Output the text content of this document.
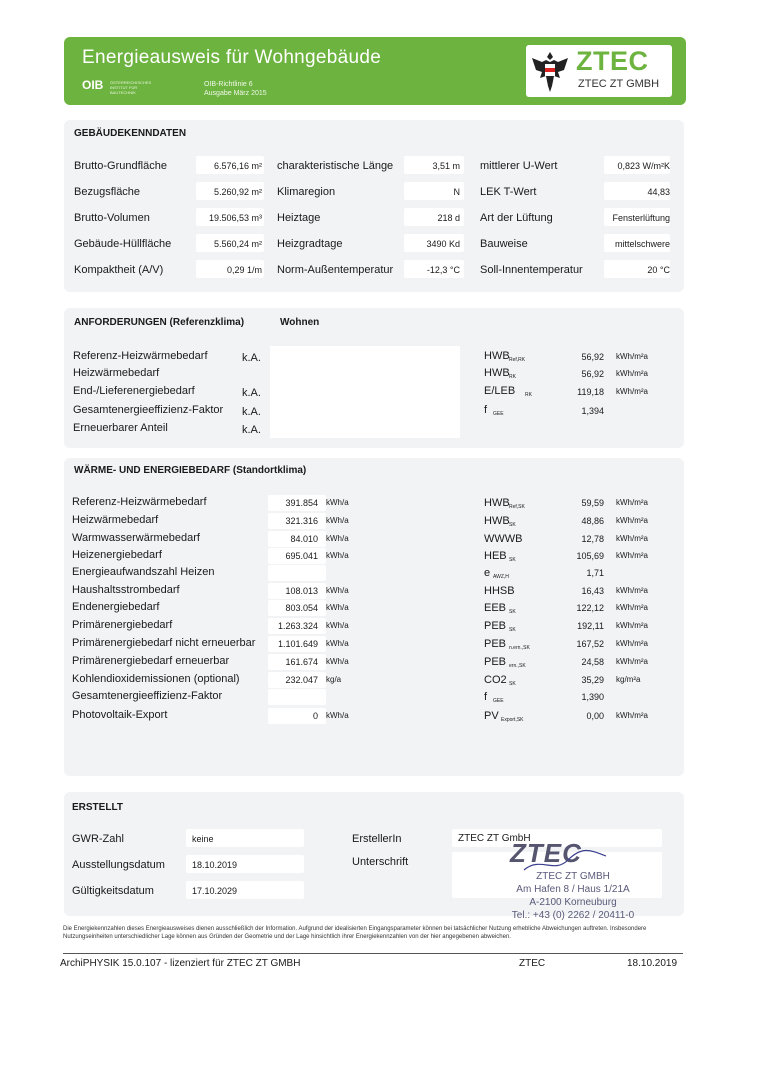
Energieausweis für Wohngebäude
OIB ÖSTERREICHISCHES INSTITUT FÜR BAUTECHNIK
OIB-Richtlinie 6
Ausgabe März 2015
ZTEC
ZTEC ZT GMBH
GEBÄUDEKENNDATEN
Brutto-Grundfläche	6.576,16 m² charakteristische Länge	3,51 m mittlerer U-Wert	0,823 W/m²K
Bezugsfläche	5.260,92 m² Klimaregion	N LEK T-Wert	44,83
Brutto-Volumen	19.506,53 m³ Heiztage	218 d Art der Lüftung	Fensterlüftung
Gebäude-Hüllfläche	5.560,24 m² Heizgradtage	3490 Kd Bauweise	mittelschwere
Kompaktheit (A/V)	0,29 1/m Norm-Außentemperatur	-12,3 °C Soll-Innentemperatur	20 °C
ANFORDERUNGEN (Referenzklima)	Wohnen
Referenz-Heizwärmebedarf	k.A.	HWB Ref,RK	56,92 kWh/m²a
Heizwärmebedarf	HWB RK	56,92 kWh/m²a
End-/Lieferenergiebedarf	k.A.	E/LEB RK	119,18 kWh/m²a
Gesamtenergieeffizienz-Faktor k.A.	f GEE	1,394
Erneuerbarer Anteil	k.A.
WÄRME- UND ENERGIEBEDARF (Standortklima)
Referenz-Heizwärmebedarf	391.854 kWh/a	HWB Ref,SK	59,59 kWh/m²a
Heizwärmebedarf	321.316 kWh/a	HWB SK	48,86 kWh/m²a
Warmwasserwärmebedarf	84.010 kWh/a	WWWB	12,78 kWh/m²a
Heizenergiebedarf	695.041 kWh/a	HEB SK	105,69 kWh/m²a
Energieaufwandszahl Heizen	e AWZ,H	1,71
Haushaltsstrombedarf	108.013 kWh/a	HHSB	16,43 kWh/m²a
Endenergiebedarf	803.054 kWh/a	EEB SK	122,12 kWh/m²a
Primärenergiebedarf	1.263.324 kWh/a	PEB SK	192,11 kWh/m²a
Primärenergiebedarf nicht erneuerbar	1.101.649 kWh/a	PEB n.ern.,SK	167,52 kWh/m²a
Primärenergiebedarf erneuerbar	161.674 kWh/a	PEB ern.,SK	24,58 kWh/m²a
Kohlendioxidemissionen (optional)	232.047 kg/a	CO2 SK	35,29 kg/m²a
Gesamtenergieeffizienz-Faktor	f GEE	1,390
Photovoltaik-Export	0 kWh/a	PV Export,SK	0,00 kWh/m²a
ERSTELLT
GWR-Zahl	keine
Ausstellungsdatum	18.10.2019
Gültigkeitsdatum	17.10.2029
ErstellerIn	ZTEC ZT GmbH
Unterschrift	ZTEC
ZTEC ZT GMBH
Am Hafen 8 / Haus 1/21A
A-2100 Korneuburg
Tel.: +43 (0) 2262 / 20411-0
Die Energiekennzahlen dieses Energieausweises dienen ausschließlich der Information. Aufgrund der idealisierten Eingangsparameter können bei tatsächlicher Nutzung erhebliche Abweichungen auftreten. Insbesondere Nutzungseinheiten unterschiedlicher Lage können aus Gründen der Geometrie und der Lage hinsichtlich ihrer Energiekennzahlen von der hier angegebenen abweichen.
ArchiPHYSIK 15.0.107 - lizenziert für ZTEC ZT GMBH	ZTEC	18.10.2019
